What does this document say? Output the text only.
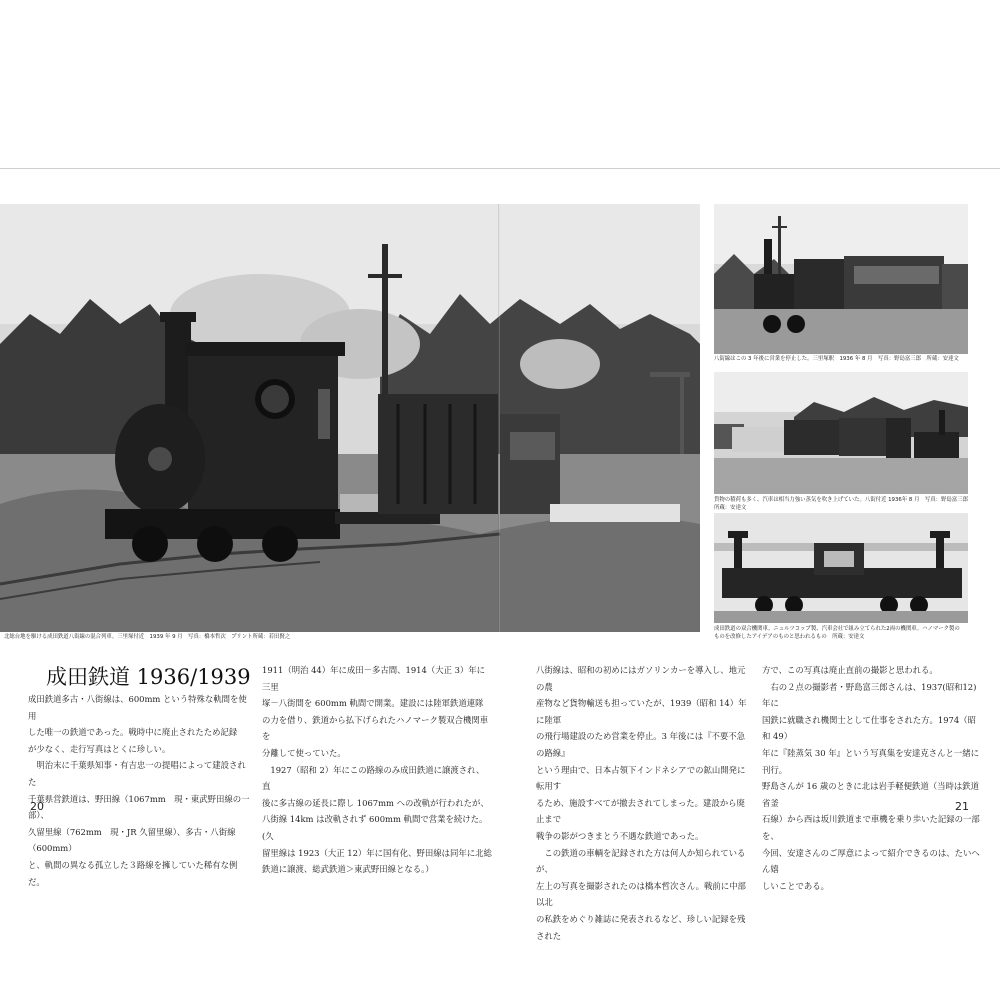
北総台地を駆ける成田鉄道八街線の混合列車。三里塚付近　1939 年 9 月　写真：橋本哲次　プリント所蔵：若田賢之
八街線はこの 3 年後に営業を停止した。三里塚駅　1936 年 8 月　写真：野島富三郎　所蔵：安達文
貨物の積荷も多く、汽車は相当力強い蒸気を吹き上げていた。八街付近 1936年 8 月　写真：野島富三郎　所蔵：安達文
成田鉄道の双合機関車。ニュルツコップ製、汽車会社で組み立てられた2両の機関車。ハノマーク製の
ものを改修したアイデアのものと思われるもの　所蔵：安達文
成田鉄道 1936/1939
成田鉄道多古・八街線は、600mm という特殊な軌間を使用
した唯一の鉄道であった。戦時中に廃止されたため記録
が少なく、走行写真はとくに珍しい。
　明治末に千葉県知事・有吉忠一の提唱によって建設された
千葉県営鉄道は、野田線（1067mm　現・東武野田線の一部）、
久留里線（762mm　現・JR 久留里線）、多古・八街線（600mm）
と、軌間の異なる孤立した３路線を擁していた稀有な例だ。
1911（明治 44）年に成田－多古間、1914（大正 3）年に三里
塚－八街間を 600mm 軌間で開業。建設には陸軍鉄道連隊
の力を借り、鉄道から払下げられたハノマーク製双合機関車を
分離して使っていた。
　1927（昭和 2）年にこの路線のみ成田鉄道に譲渡され、直
後に多古線の延長に際し 1067mm への改軌が行われたが、
八街線 14km は改軌されず 600mm 軌間で営業を続けた。(久
留里線は 1923（大正 12）年に国有化、野田線は同年に北総
鉄道に譲渡、総武鉄道＞東武野田線となる。）
八街線は、昭和の初めにはガソリンカーを導入し、地元の農
産物など貨物輸送も担っていたが、1939（昭和 14）年に陸軍
の飛行場建設のため営業を停止。3 年後には『不要不急の路線』
という理由で、日本占領下インドネシアでの鉱山開発に転用す
るため、施設すべてが撤去されてしまった。建設から廃止まで
戦争の影がつきまとう不遇な鉄道であった。
　この鉄道の車輌を記録された方は何人か知られているが、
左上の写真を撮影されたのは橋本哲次さん。戦前に中部以北
の私鉄をめぐり雑誌に発表されるなど、珍しい記録を残された
方で、この写真は廃止直前の撮影と思われる。
　右の２点の撮影者・野島富三郎さんは、1937(昭和12) 年に
国鉄に就職され機関士として仕事をされた方。1974（昭和 49）
年に『陸蒸気 30 年』という写真集を安達克さんと一緒に刊行。
野島さんが 16 歳のときに北は岩手軽便鉄道（当時は鉄道省釜
石線）から西は坂川鉄道まで車機を乗り歩いた記録の一部を、
今回、安達さんのご厚意によって紹介できるのは、たいへん嬉
しいことである。
20	21
